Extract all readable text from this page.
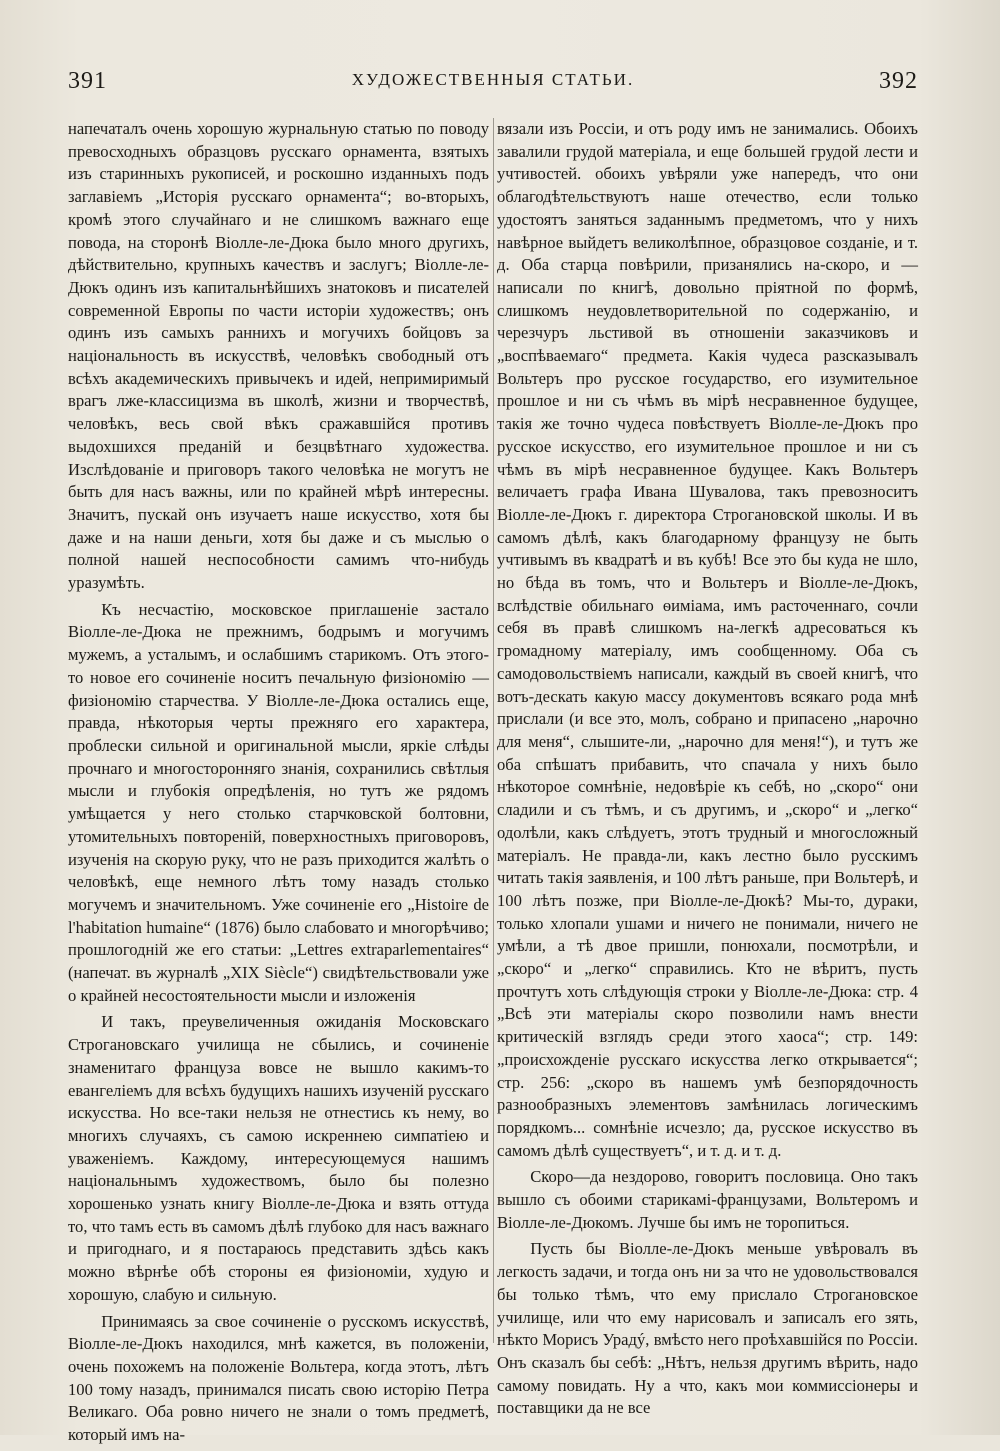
391	ХУДОЖЕСТВЕННЫЯ СТАТЬИ.	392

напечаталъ очень хорошую журнальную статью по поводу превосходныхъ образцовъ русскаго орнамента, взятыхъ изъ старинныхъ рукописей, и роскошно изданныхъ подъ заглавіемъ „Исторія русскаго орнамента“; во-вторыхъ, кромѣ этого случайнаго и не слишкомъ важнаго еще повода, на сторонѣ Віолле-ле-Дюка было много другихъ, дѣйствительно, крупныхъ качествъ и заслугъ; Віолле-ле-Дюкъ одинъ изъ капитальнѣйшихъ знатоковъ и писателей современной Европы по части исторіи художествъ; онъ одинъ изъ самыхъ раннихъ и могучихъ бойцовъ за національность въ искусствѣ, человѣкъ свободный отъ всѣхъ академическихъ привычекъ и идей, непримиримый врагъ лже-классицизма въ школѣ, жизни и творчествѣ, человѣкъ, весь свой вѣкъ сражавшійся противъ выдохшихся преданій и безцвѣтнаго художества. Изслѣдованіе и приговоръ такого человѣка не могутъ не быть для насъ важны, или по крайней мѣрѣ интересны. Значитъ, пускай онъ изучаетъ наше искусство, хотя бы даже и на наши деньги, хотя бы даже и съ мыслью о полной нашей неспособности самимъ что-нибудь уразумѣть.

Къ несчастію, московское приглашеніе застало Віолле-ле-Дюка не прежнимъ, бодрымъ и могучимъ мужемъ, а усталымъ, и ослабшимъ старикомъ. Отъ этого-то новое его сочиненіе носитъ печальную физіономію — физіономію старчества. У Віолле-ле-Дюка остались еще, правда, нѣкоторыя черты прежняго его характера, проблески сильной и оригинальной мысли, яркіе слѣды прочнаго и многосторонняго знанія, сохранились свѣтлыя мысли и глубокія опредѣленія, но тутъ же рядомъ умѣщается у него столько старчковской болтовни, утомительныхъ повтореній, поверхностныхъ приговоровъ, изученія на скорую руку, что не разъ приходится жалѣть о человѣкѣ, еще немного лѣтъ тому назадъ столько могучемъ и значительномъ. Уже сочиненіе его „Histoire de l'habitation humaine“ (1876) было слабовато и многорѣчиво; прошлогодній же его статьи: „Lettres extraparlementaires“ (напечат. въ журналѣ „XIX Siècle“) свидѣтельствовали уже о крайней несостоятельности мысли и изложенія

И такъ, преувеличенныя ожиданія Московскаго Строгановскаго училища не сбылись, и сочиненіе знаменитаго француза вовсе не вышло какимъ-то евангеліемъ для всѣхъ будущихъ нашихъ изученій русскаго искусства. Но все-таки нельзя не отнестись къ нему, во многихъ случаяхъ, съ самою искреннею симпатіею и уваженіемъ. Каждому, интересующемуся нашимъ національнымъ художествомъ, было бы полезно хорошенько узнать книгу Віолле-ле-Дюка и взять оттуда то, что тамъ есть въ самомъ дѣлѣ глубоко для насъ важнаго и пригоднаго, и я постараюсь представить здѣсь какъ можно вѣрнѣе обѣ стороны ея физіономіи, худую и хорошую, слабую и сильную.

Принимаясь за свое сочиненіе о русскомъ искусствѣ, Віолле-ле-Дюкъ находился, мнѣ кажется, въ положеніи, очень похожемъ на положеніе Вольтера, когда этотъ, лѣтъ 100 тому назадъ, принимался писать свою исторію Петра Великаго. Оба ровно ничего не знали о томъ предметѣ, который имъ на-

вязали изъ Россіи, и отъ роду имъ не занимались. Обоихъ завалили грудой матеріала, и еще большей грудой лести и учтивостей. обоихъ увѣряли уже напередъ, что они облагодѣтельствуютъ наше отечество, если только удостоятъ заняться заданнымъ предметомъ, что у нихъ навѣрное выйдетъ великолѣпное, образцовое созданіе, и т. д. Оба старца повѣрили, призанялись на-скоро, и — написали по книгѣ, довольно пріятной по формѣ, слишкомъ неудовлетворительной по содержанію, и черезчуръ льстивой въ отношеніи заказчиковъ и „воспѣваемаго“ предмета. Какія чудеса разсказывалъ Вольтеръ про русское государство, его изумительное прошлое и ни съ чѣмъ въ мірѣ несравненное будущее, такія же точно чудеса повѣствуетъ Віолле-ле-Дюкъ про русское искусство, его изумительное прошлое и ни съ чѣмъ въ мірѣ несравненное будущее. Какъ Вольтеръ величаетъ графа Ивана Шувалова, такъ превозноситъ Віолле-ле-Дюкъ г. директора Строгановской школы. И въ самомъ дѣлѣ, какъ благодарному французу не быть учтивымъ въ квадратѣ и въ кубѣ! Все это бы куда не шло, но бѣда въ томъ, что и Вольтеръ и Віолле-ле-Дюкъ, вслѣдствіе обильнаго ѳиміама, имъ расточеннаго, сочли себя въ правѣ слишкомъ на-легкѣ адресоваться къ громадному матеріалу, имъ сообщенному. Оба съ самодовольствіемъ написали, каждый въ своей книгѣ, что вотъ-дескать какую массу документовъ всякаго рода мнѣ прислали (и все это, молъ, собрано и припасено „нарочно для меня“, слышите-ли, „нарочно для меня!“), и тутъ же оба спѣшатъ прибавить, что спачала у нихъ было нѣкоторое сомнѣніе, недовѣріе къ себѣ, но „скоро“ они сладили и съ тѣмъ, и съ другимъ, и „скоро“ и „легко“ одолѣли, какъ слѣдуетъ, этотъ трудный и многосложный матеріалъ. Не правда-ли, какъ лестно было русскимъ читать такія заявленія, и 100 лѣтъ раньше, при Вольтерѣ, и 100 лѣтъ позже, при Віолле-ле-Дюкѣ? Мы-то, дураки, только хлопали ушами и ничего не понимали, ничего не умѣли, а тѣ двое пришли, понюхали, посмотрѣли, и „скоро“ и „легко“ справились. Кто не вѣритъ, пусть прочтутъ хоть слѣдующія строки у Віолле-ле-Дюка: стр. 4 „Всѣ эти матеріалы скоро позволили намъ внести критическій взглядъ среди этого хаоса“; стр. 149: „происхожденіе русскаго искусства легко открывается“; стр. 256: „скоро въ нашемъ умѣ безпорядочность разнообразныхъ элементовъ замѣнилась логическимъ порядкомъ... сомнѣніе исчезло; да, русское искусство въ самомъ дѣлѣ существуетъ“, и т. д. и т. д.

Скоро—да нездорово, говоритъ пословица. Оно такъ вышло съ обоими старикамі-французами, Вольтеромъ и Віолле-ле-Дюкомъ. Лучше бы имъ не торопиться.

Пусть бы Віолле-ле-Дюкъ меньше увѣровалъ въ легкость задачи, и тогда онъ ни за что не удовольствовался бы только тѣмъ, что ему прислало Строгановское училище, или что ему нарисовалъ и записалъ его зять, нѣкто Морисъ Урадý, вмѣсто него проѣхавшійся по Россіи. Онъ сказалъ бы себѣ: „Нѣтъ, нельзя другимъ вѣрить, надо самому повидать. Ну а что, какъ мои коммиссіонеры и поставщики да не все
